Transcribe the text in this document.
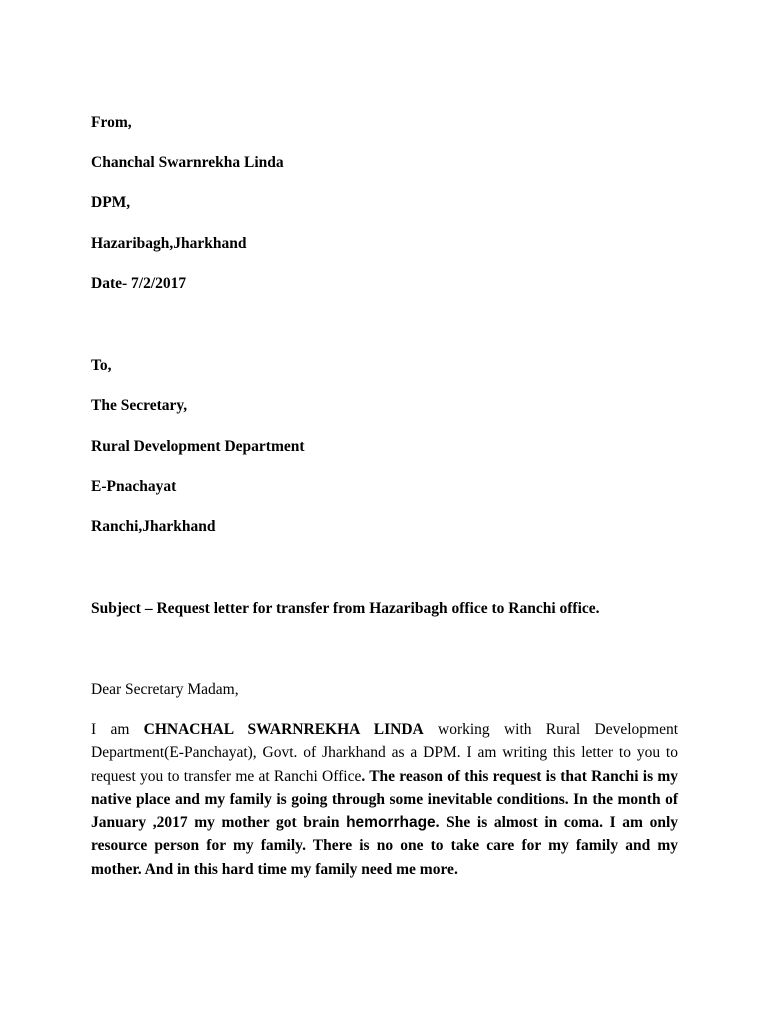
From,
Chanchal Swarnrekha Linda
DPM,
Hazaribagh,Jharkhand
Date- 7/2/2017
To,
The Secretary,
Rural Development Department
E-Pnachayat
Ranchi,Jharkhand
Subject – Request letter for transfer from Hazaribagh office to Ranchi office.
Dear Secretary Madam,
I am CHNACHAL SWARNREKHA LINDA working with Rural Development Department(E-Panchayat), Govt. of Jharkhand as a DPM. I am writing this letter to you to request you to transfer me at Ranchi Office. The reason of this request is that Ranchi is my native place and my family is going through some inevitable conditions. In the month of January ,2017 my mother got brain hemorrhage. She is almost in coma. I am only resource person for my family. There is no one to take care for my family and my mother. And in this hard time my family need me more.
